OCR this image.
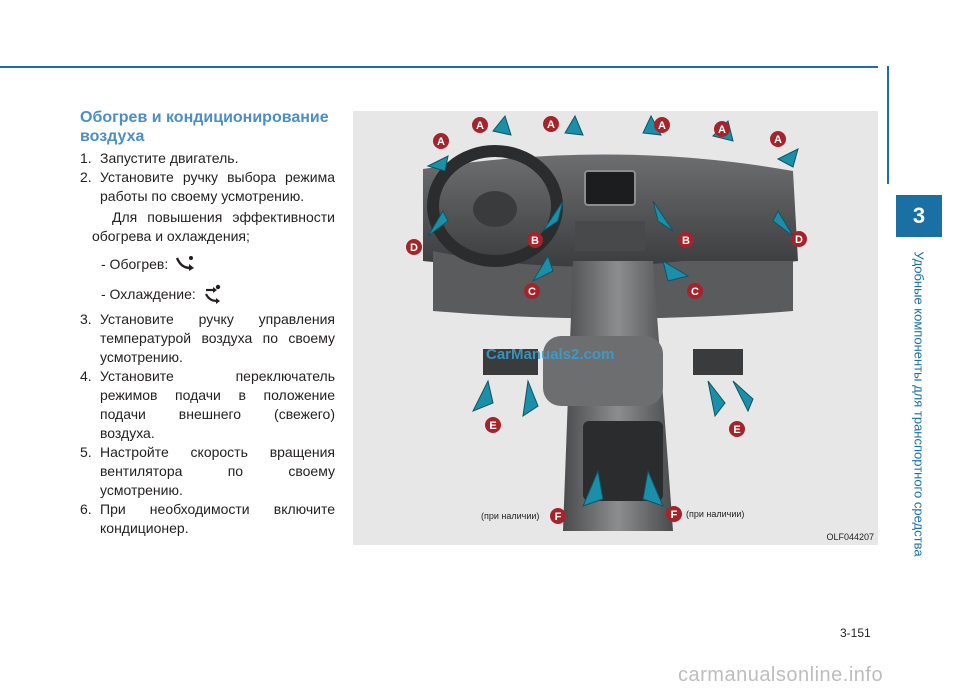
3
Удобные компоненты для транспортного средства
Обогрев и кондиционирование воздуха
1. Запустите двигатель.
2. Установите ручку выбора режима работы по своему усмотрению.
Для повышения эффективности обогрева и охлаждения;
- Обогрев:
- Охлаждение:
3. Установите ручку управления температурой воздуха по своему усмотрению.
4. Установите переключатель режимов подачи в положение подачи внешнего (свежего) воздуха.
5. Настройте скорость вращения вентилятора по своему усмотрению.
6. При необходимости включите кондиционер.
A
A	A	A	A
A
D
D
B	B
C	C
E	E
F	F
(при наличии)	(при наличии)
OLF044207
CarManuals2.com
3-151
carmanualsonline.info
